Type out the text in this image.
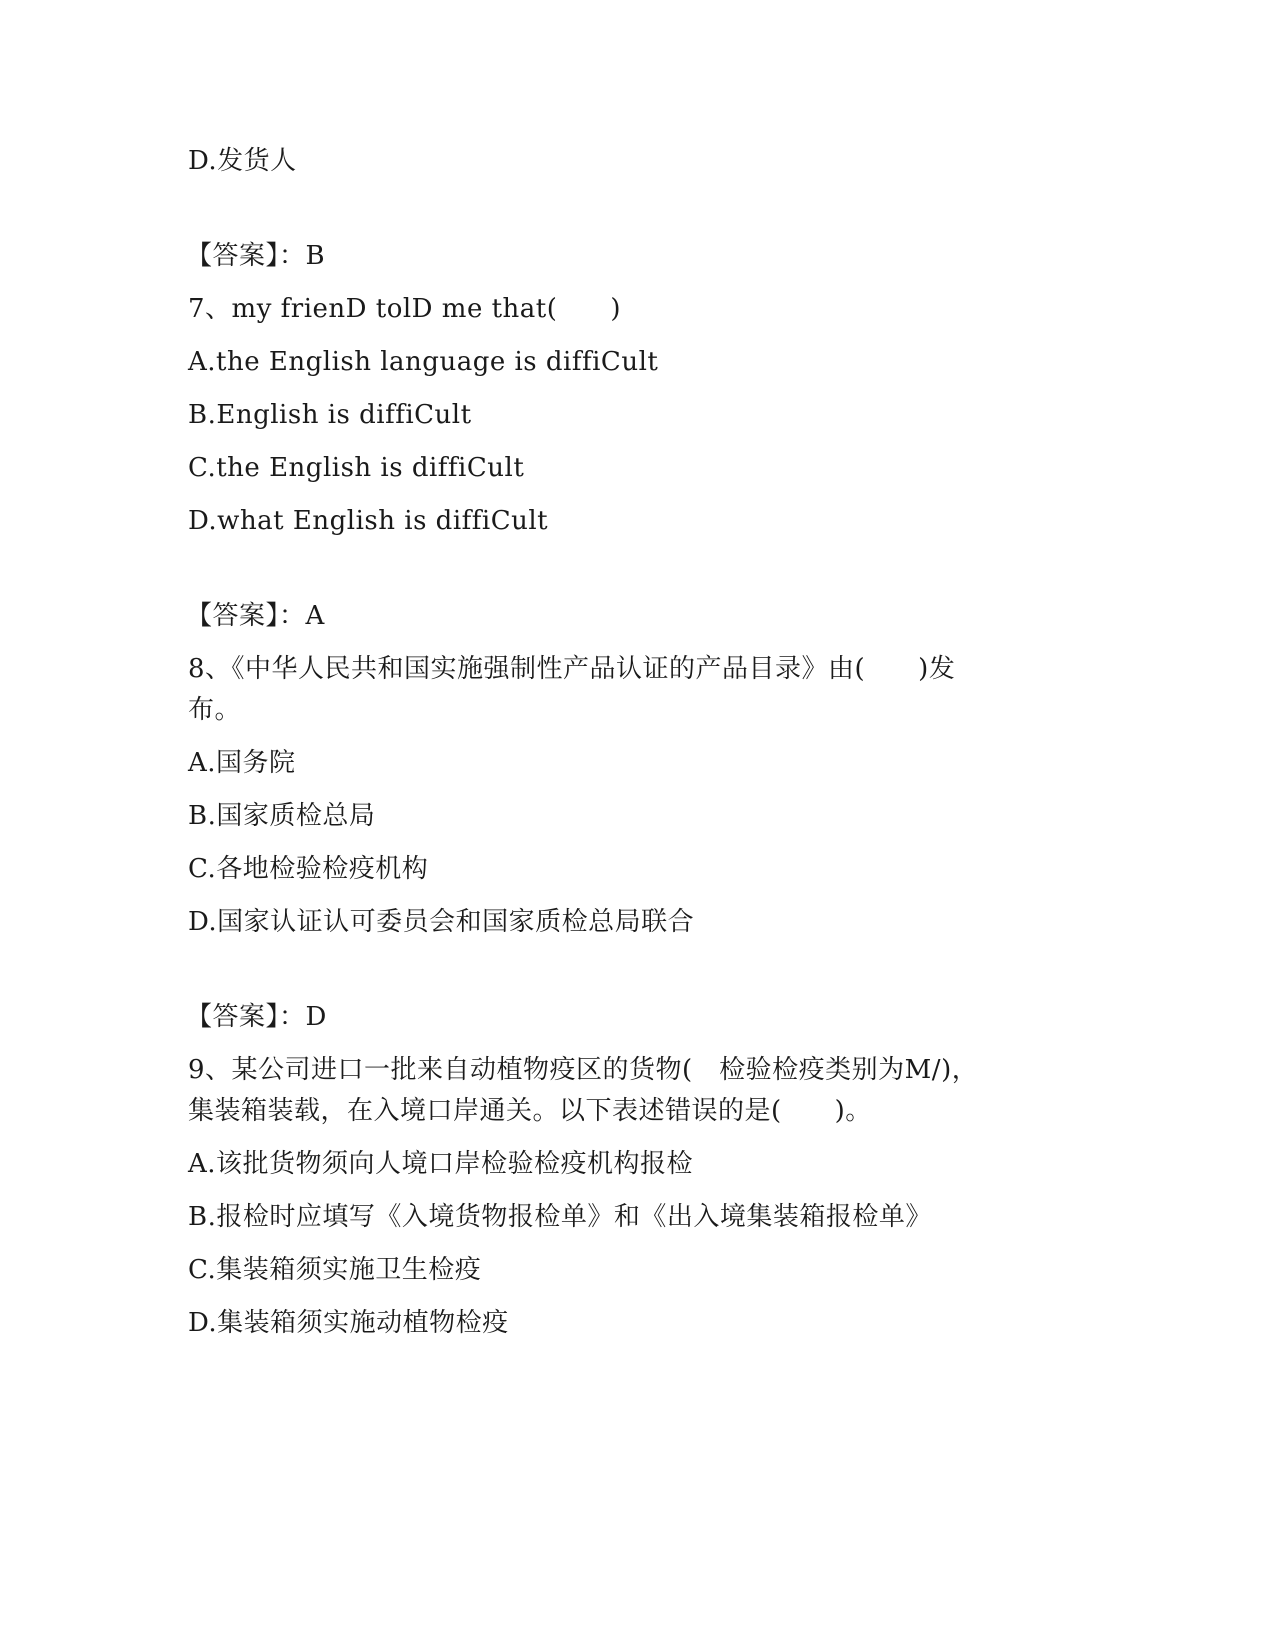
D.发货人
【答案】：B
7、my frienD tolD me that(　　)
A.the English language is diffiCult
B.English is diffiCult
C.the English is diffiCult
D.what English is diffiCult
【答案】：A
8、《中华人民共和国实施强制性产品认证的产品目录》由(　　)发
布。
A.国务院
B.国家质检总局
C.各地检验检疫机构
D.国家认证认可委员会和国家质检总局联合
【答案】：D
9、某公司进口一批来自动植物疫区的货物(　检验检疫类别为M/)，
集装箱装载，在入境口岸通关。以下表述错误的是(　　)。
A.该批货物须向人境口岸检验检疫机构报检
B.报检时应填写《入境货物报检单》和《出入境集装箱报检单》
C.集装箱须实施卫生检疫
D.集装箱须实施动植物检疫
